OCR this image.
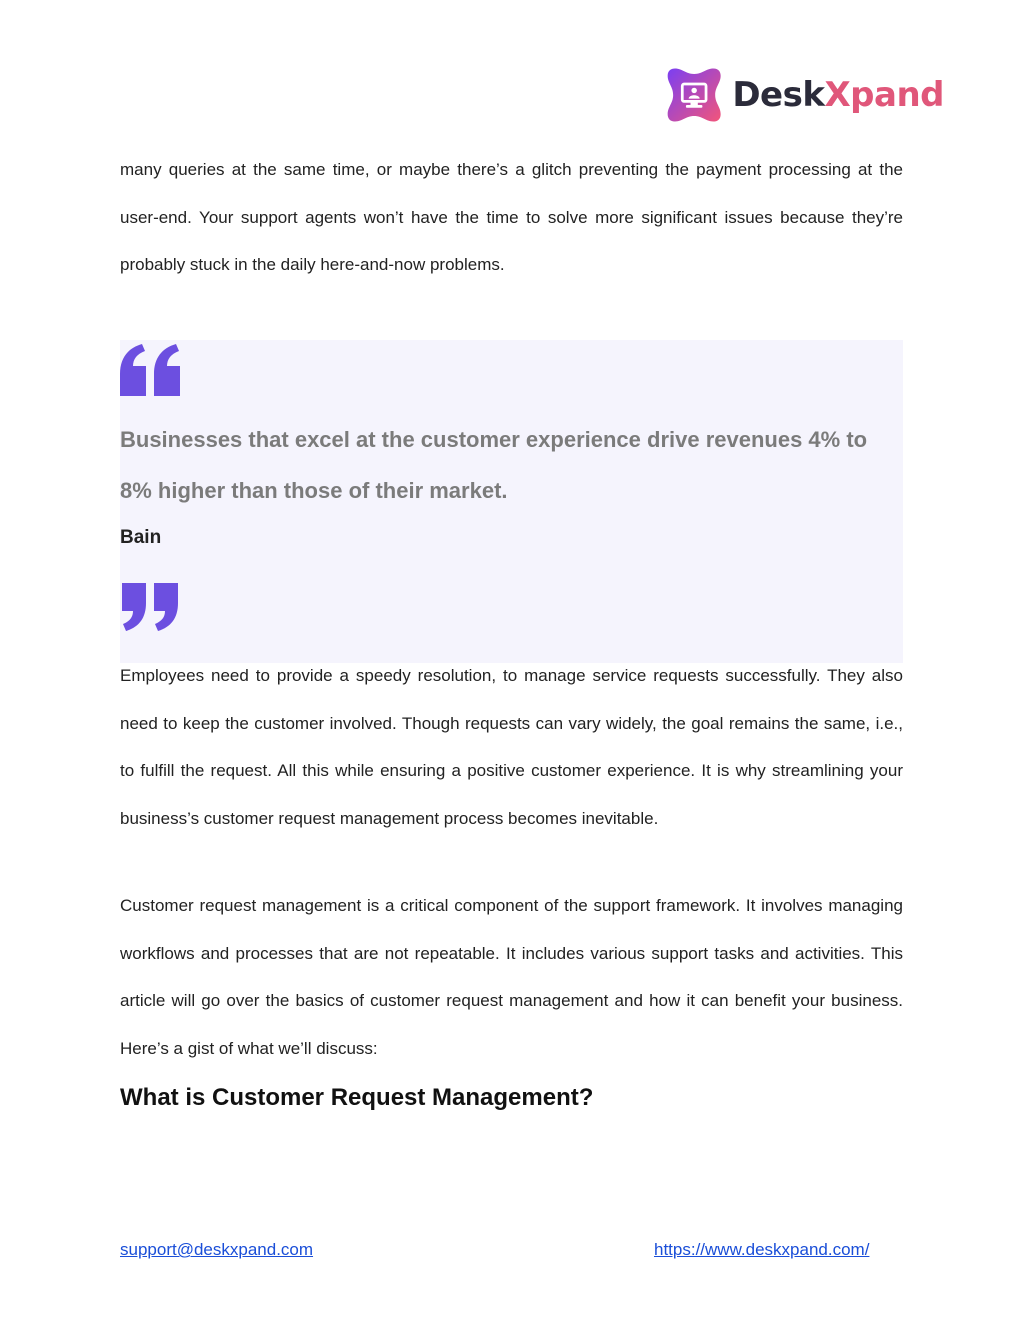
DeskXpand

many queries at the same time, or maybe there’s a glitch preventing the payment processing at the user-end. Your support agents won’t have the time to solve more significant issues because they’re probably stuck in the daily here-and-now problems.

Businesses that excel at the customer experience drive revenues 4% to 8% higher than those of their market.
Bain

Employees need to provide a speedy resolution, to manage service requests successfully. They also need to keep the customer involved. Though requests can vary widely, the goal remains the same, i.e., to fulfill the request. All this while ensuring a positive customer experience. It is why streamlining your business’s customer request management process becomes inevitable.

Customer request management is a critical component of the support framework. It involves managing workflows and processes that are not repeatable. It includes various support tasks and activities. This article will go over the basics of customer request management and how it can benefit your business. Here’s a gist of what we’ll discuss:

What is Customer Request Management?
support@deskxpand.com	https://www.deskxpand.com/
